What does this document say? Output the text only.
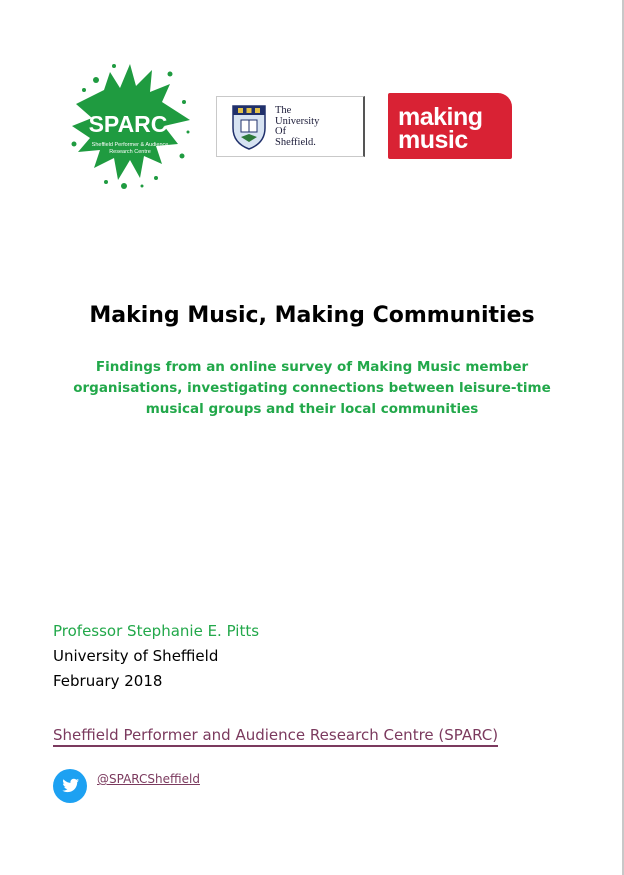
SPARC
Sheffield Performer & Audience
Research Centre
The
University
Of
Sheffield.
making
music
Making Music, Making Communities

Findings from an online survey of Making Music member organisations, investigating connections between leisure-time musical groups and their local communities

Professor Stephanie E. Pitts
University of Sheffield
February 2018
Sheffield Performer and Audience Research Centre (SPARC)
@SPARCSheffield
